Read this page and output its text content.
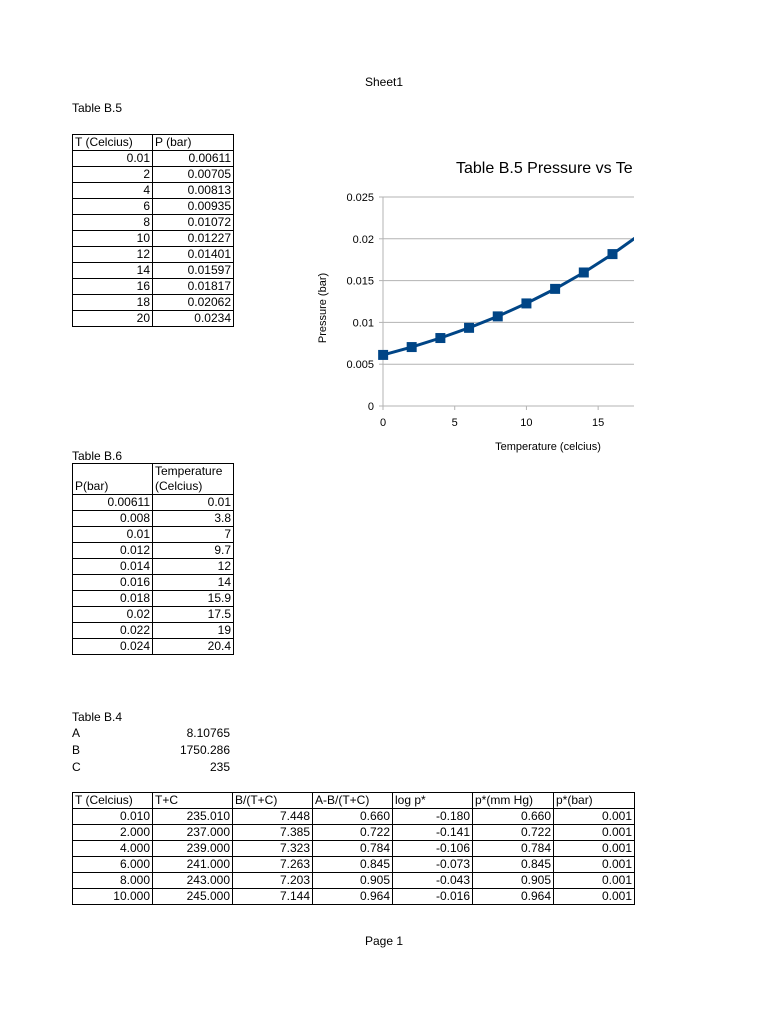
Sheet1
Table B.5
T (Celcius)	P (bar)
0.01	0.00611
2	0.00705
4	0.00813
6	0.00935
8	0.01072
10	0.01227
12	0.01401
14	0.01597
16	0.01817
18	0.02062
20	0.0234
0
0.005
0.01
0.015
0.02
0.025
0	5	10	15
Table B.5 Pressure vs Te
Pressure (bar)
Temperature (celcius)
Table B.6
P(bar)	Temperature (Celcius)
0.00611	0.01
0.008	3.8
0.01	7
0.012	9.7
0.014	12
0.016	14
0.018	15.9
0.02	17.5
0.022	19
0.024	20.4
Table B.4
A	8.10765
B	1750.286
C	235
T (Celcius)	T+C	B/(T+C)	A-B/(T+C)	log p*	p*(mm Hg)	p*(bar)
0.010	235.010	7.448	0.660	-0.180	0.660	0.001
2.000	237.000	7.385	0.722	-0.141	0.722	0.001
4.000	239.000	7.323	0.784	-0.106	0.784	0.001
6.000	241.000	7.263	0.845	-0.073	0.845	0.001
8.000	243.000	7.203	0.905	-0.043	0.905	0.001
10.000	245.000	7.144	0.964	-0.016	0.964	0.001
Page 1
